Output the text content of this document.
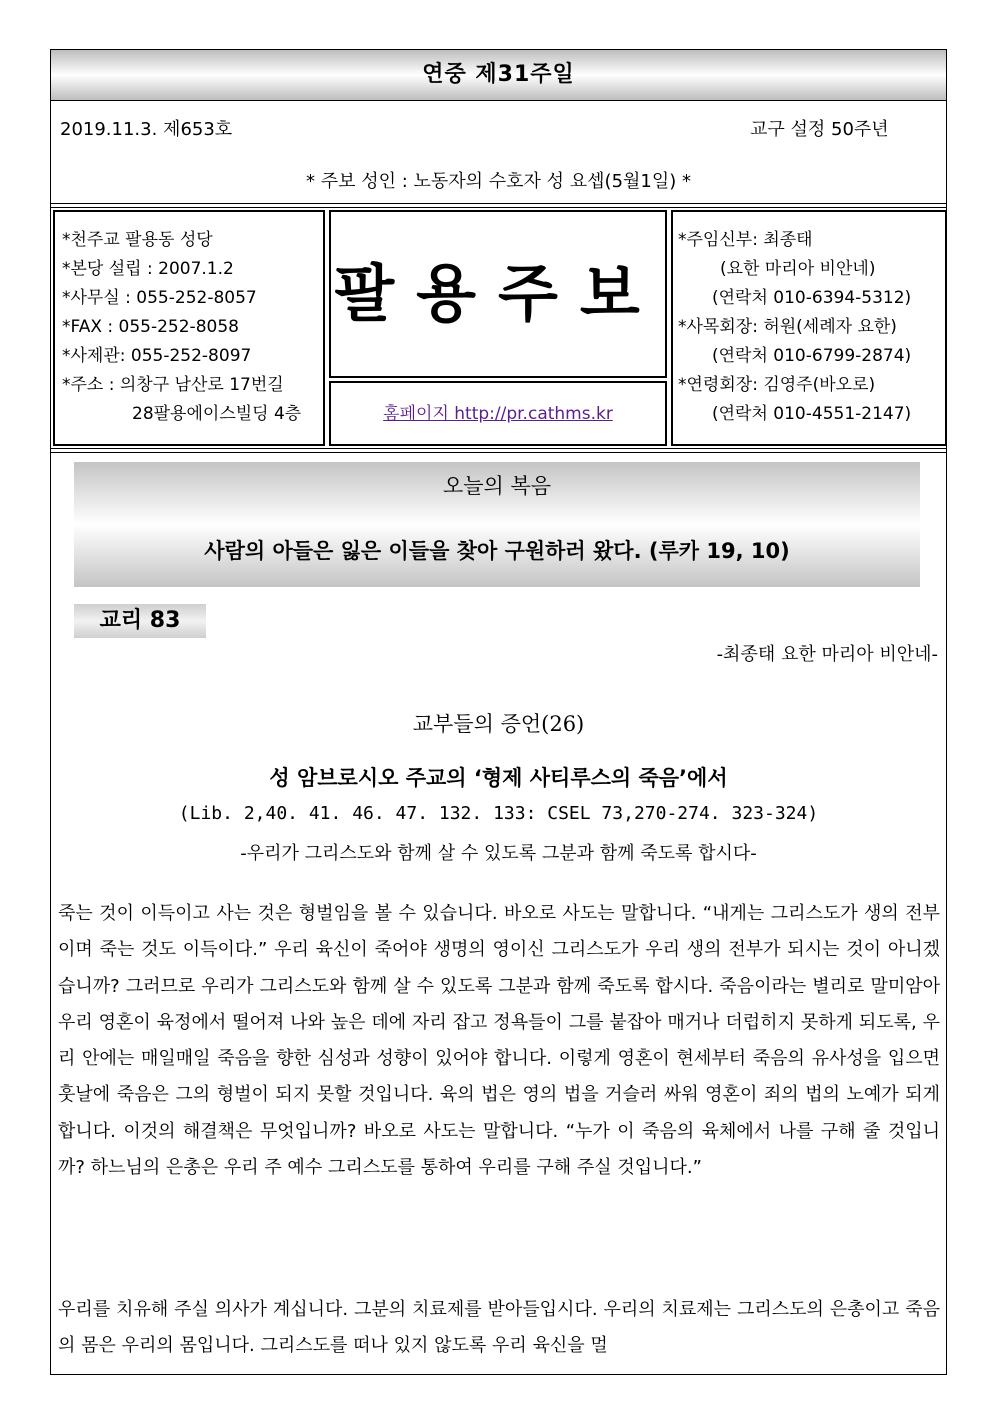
연중 제31주일
2019.11.3. 제653호	교구 설정 50주년
* 주보 성인 : 노동자의 수호자 성 요셉(5월1일) *
*천주교 팔용동 성당
*본당 설립 : 2007.1.2
*사무실 : 055-252-8057
*FAX : 055-252-8058
*사제관: 055-252-8097
*주소 : 의창구 남산로 17번길
28팔용에이스빌딩 4층
팔용주보
홈페이지 http://pr.cathms.kr
*주임신부: 최종태
(요한 마리아 비안네)
(연락처 010-6394-5312)
*사목회장: 허원(세례자 요한)
(연락처 010-6799-2874)
*연령회장: 김영주(바오로)
(연락처 010-4551-2147)
오늘의 복음
사람의 아들은 잃은 이들을 찾아 구원하러 왔다. (루카 19, 10)
교리 83
-최종태 요한 마리아 비안네-
교부들의 증언(26)
성 암브로시오 주교의 ‘형제 사티루스의 죽음’에서
(Lib. 2,40. 41. 46. 47. 132. 133: CSEL 73,270-274. 323-324)
-우리가 그리스도와 함께 살 수 있도록 그분과 함께 죽도록 합시다-
죽는 것이 이득이고 사는 것은 형벌임을 볼 수 있습니다. 바오로 사도는 말합니다. “내게는 그리스도가 생의 전부이며 죽는 것도 이득이다.” 우리 육신이 죽어야 생명의 영이신 그리스도가 우리 생의 전부가 되시는 것이 아니겠습니까? 그러므로 우리가 그리스도와 함께 살 수 있도록 그분과 함께 죽도록 합시다. 죽음이라는 별리로 말미암아 우리 영혼이 육정에서 떨어져 나와 높은 데에 자리 잡고 정욕들이 그를 붙잡아 매거나 더럽히지 못하게 되도록, 우리 안에는 매일매일 죽음을 향한 심성과 성향이 있어야 합니다. 이렇게 영혼이 현세부터 죽음의 유사성을 입으면 훗날에 죽음은 그의 형벌이 되지 못할 것입니다. 육의 법은 영의 법을 거슬러 싸워 영혼이 죄의 법의 노예가 되게 합니다. 이것의 해결책은 무엇입니까? 바오로 사도는 말합니다. “누가 이 죽음의 육체에서 나를 구해 줄 것입니까? 하느님의 은총은 우리 주 예수 그리스도를 통하여 우리를 구해 주실 것입니다.”
우리를 치유해 주실 의사가 계십니다. 그분의 치료제를 받아들입시다. 우리의 치료제는 그리스도의 은총이고 죽음의 몸은 우리의 몸입니다. 그리스도를 떠나 있지 않도록 우리 육신을 멀
